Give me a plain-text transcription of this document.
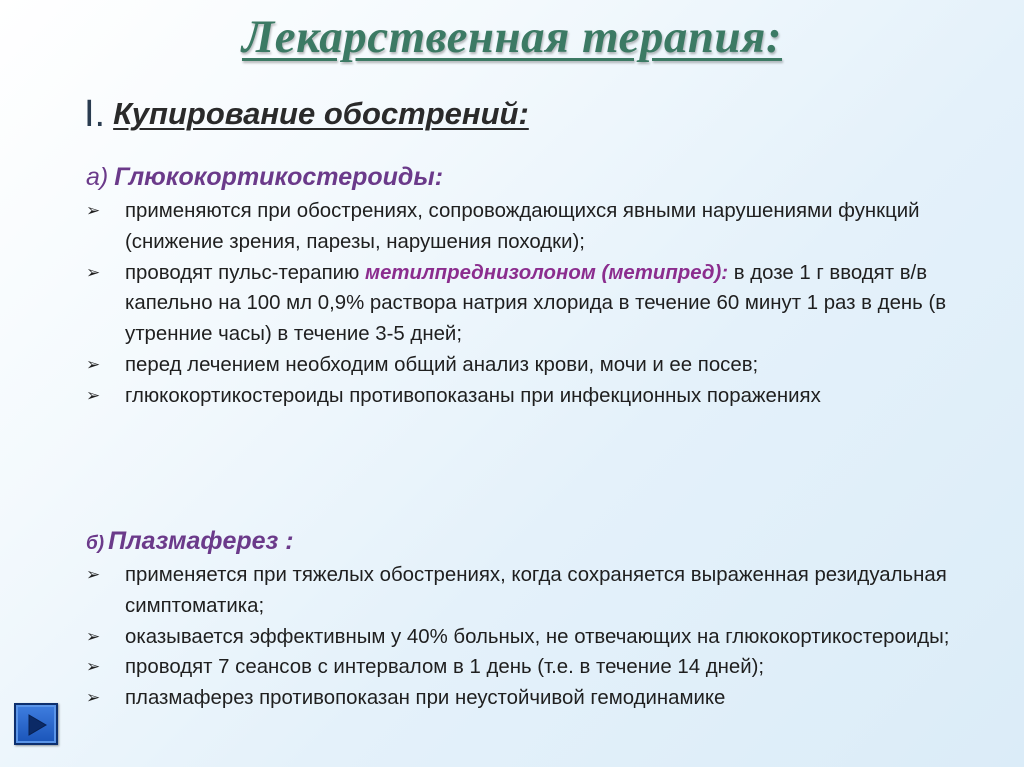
Лекарственная терапия:
I. Купирование обострений:
а) Глюкокортикостероиды:
➢ применяются при обострениях, сопровождающихся явными нарушениями функций (снижение зрения, парезы, нарушения походки);
➢ проводят пульс-терапию метилпреднизолоном (метипред): в дозе 1 г вводят в/в капельно на 100 мл 0,9% раствора натрия хлорида в течение 60 минут 1 раз в день (в утренние часы) в течение 3-5 дней;
➢ перед лечением необходим общий анализ крови, мочи и ее посев;
➢ глюкокортикостероиды противопоказаны при инфекционных поражениях
б) Плазмаферез :
➢ применяется при тяжелых обострениях, когда сохраняется выраженная резидуальная симптоматика;
➢ оказывается эффективным у 40% больных, не отвечающих на глюкокортикостероиды;
➢ проводят 7 сеансов с интервалом в 1 день (т.е. в течение 14 дней);
➢ плазмаферез противопоказан при неустойчивой гемодинамике
